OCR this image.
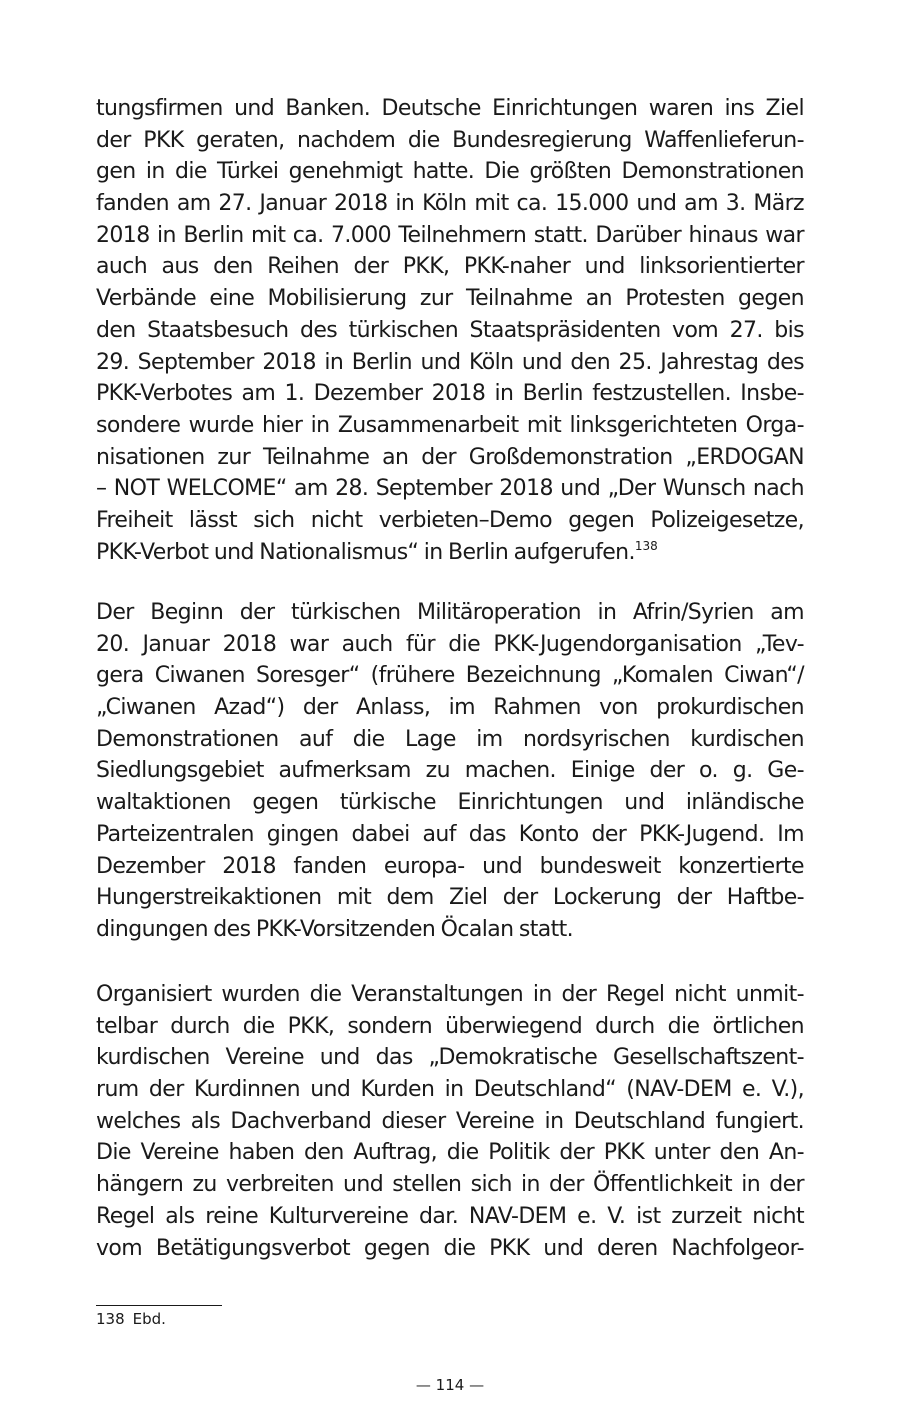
tungsfirmen und Banken. Deutsche Einrichtungen waren ins Ziel
der PKK geraten, nachdem die Bundesregierung Waffenlieferun-
gen in die Türkei genehmigt hatte. Die größten Demonstrationen
fanden am 27. Januar 2018 in Köln mit ca. 15.000 und am 3. März
2018 in Berlin mit ca. 7.000 Teilnehmern statt. Darüber hinaus war
auch aus den Reihen der PKK, PKK-naher und linksorientierter
Verbände eine Mobilisierung zur Teilnahme an Protesten gegen
den Staatsbesuch des türkischen Staatspräsidenten vom 27. bis
29. September 2018 in Berlin und Köln und den 25. Jahrestag des
PKK-Verbotes am 1. Dezember 2018 in Berlin festzustellen. Insbe-
sondere wurde hier in Zusammenarbeit mit linksgerichteten Orga-
nisationen zur Teilnahme an der Großdemonstration „ERDOGAN
– NOT WELCOME“ am 28. September 2018 und „Der Wunsch nach
Freiheit lässt sich nicht verbieten–Demo gegen Polizeigesetze,
PKK-Verbot und Nationalismus“ in Berlin aufgerufen.$^{138}$
Der Beginn der türkischen Militäroperation in Afrin/Syrien am
20. Januar 2018 war auch für die PKK-Jugendorganisation „Tev-
gera Ciwanen Soresger“ (frühere Bezeichnung „Komalen Ciwan“/
„Ciwanen Azad“) der Anlass, im Rahmen von prokurdischen
Demonstrationen auf die Lage im nordsyrischen kurdischen
Siedlungsgebiet aufmerksam zu machen. Einige der o. g. Ge-
waltaktionen gegen türkische Einrichtungen und inländische
Parteizentralen gingen dabei auf das Konto der PKK-Jugend. Im
Dezember 2018 fanden europa- und bundesweit konzertierte
Hungerstreikaktionen mit dem Ziel der Lockerung der Haftbe-
dingungen des PKK-Vorsitzenden Öcalan statt.
Organisiert wurden die Veranstaltungen in der Regel nicht unmit-
telbar durch die PKK, sondern überwiegend durch die örtlichen
kurdischen Vereine und das „Demokratische Gesellschaftszent-
rum der Kurdinnen und Kurden in Deutschland“ (NAV-DEM e. V.),
welches als Dachverband dieser Vereine in Deutschland fungiert.
Die Vereine haben den Auftrag, die Politik der PKK unter den An-
hängern zu verbreiten und stellen sich in der Öffentlichkeit in der
Regel als reine Kulturvereine dar. NAV-DEM e. V. ist zurzeit nicht
vom Betätigungsverbot gegen die PKK und deren Nachfolgeor-
138 Ebd.
— 114 —
